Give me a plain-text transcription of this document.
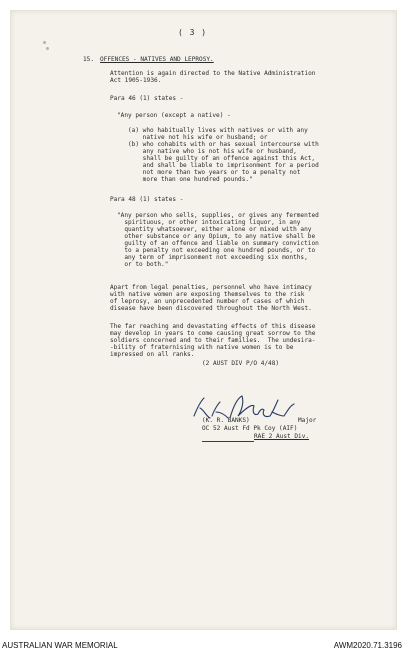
( 3 )
15. OFFENCES - NATIVES AND LEPROSY.
Attention is again directed to the Native Administration
Act 1905-1936.
Para 46 (1) states -
"Any person (except a native) -
(a) who habitually lives with natives or with any
native not his wife or husband; or
(b) who cohabits with or has sexual intercourse with
any native who is not his wife or husband,
shall be guilty of an offence against this Act,
and shall be liable to imprisonment for a period
not more than two years or to a penalty not
more than one hundred pounds."
Para 48 (1) states -
"Any person who sells, supplies, or gives any fermented
spirituous, or other intoxicating liquor, in any
quantity whatsoever, either alone or mixed with any
other substance or any Opium, to any native shall be
guilty of an offence and liable on summary conviction
to a penalty not exceeding one hundred pounds, or to
any term of imprisonment not exceeding six months,
or to both."
Apart from legal penalties, personnel who have intimacy
with native women are exposing themselves to the risk
of leprosy, an unprecedented number of cases of which
disease have been discovered throughout the North West.
The far reaching and devastating effects of this disease
may develop in years to come causing great sorrow to the
soldiers concerned and to their families.  The undesira-
-bility of fraternising with native women is to be
impressed on all ranks.
(2 AUST DIV P/O 4/48)
(K. R. BANKS)	Major
OC 52 Aust Fd Pk Coy (AIF)
RAE 2 Aust Div.
AUSTRALIAN WAR MEMORIAL	AWM2020.71.3196
